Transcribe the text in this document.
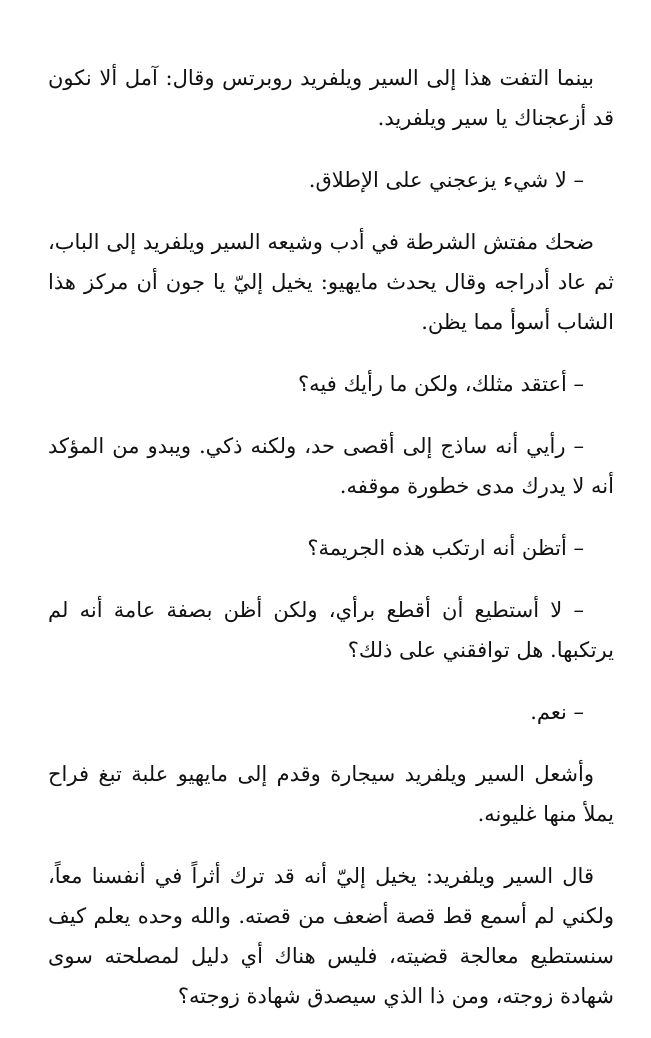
بينما التفت هذا إلى السير ويلفريد روبرتس وقال: آمل ألا نكون قد أزعجناك يا سير ويلفريد.

– لا شيء يزعجني على الإطلاق.

ضحك مفتش الشرطة في أدب وشيعه السير ويلفريد إلى الباب، ثم عاد أدراجه وقال يحدث مايهيو: يخيل إليّ يا جون أن مركز هذا الشاب أسوأ مما يظن.

– أعتقد مثلك، ولكن ما رأيك فيه؟

– رأيي أنه ساذج إلى أقصى حد، ولكنه ذكي. ويبدو من المؤكد أنه لا يدرك مدى خطورة موقفه.

– أتظن أنه ارتكب هذه الجريمة؟

– لا أستطيع أن أقطع برأي، ولكن أظن بصفة عامة أنه لم يرتكبها. هل توافقني على ذلك؟

– نعم.

وأشعل السير ويلفريد سيجارة وقدم إلى مايهيو علبة تبغ فراح يملأ منها غليونه.

قال السير ويلفريد: يخيل إليّ أنه قد ترك أثراً في أنفسنا معاً، ولكني لم أسمع قط قصة أضعف من قصته. والله وحده يعلم كيف سنستطيع معالجة قضيته، فليس هناك أي دليل لمصلحته سوى شهادة زوجته، ومن ذا الذي سيصدق شهادة زوجته؟
